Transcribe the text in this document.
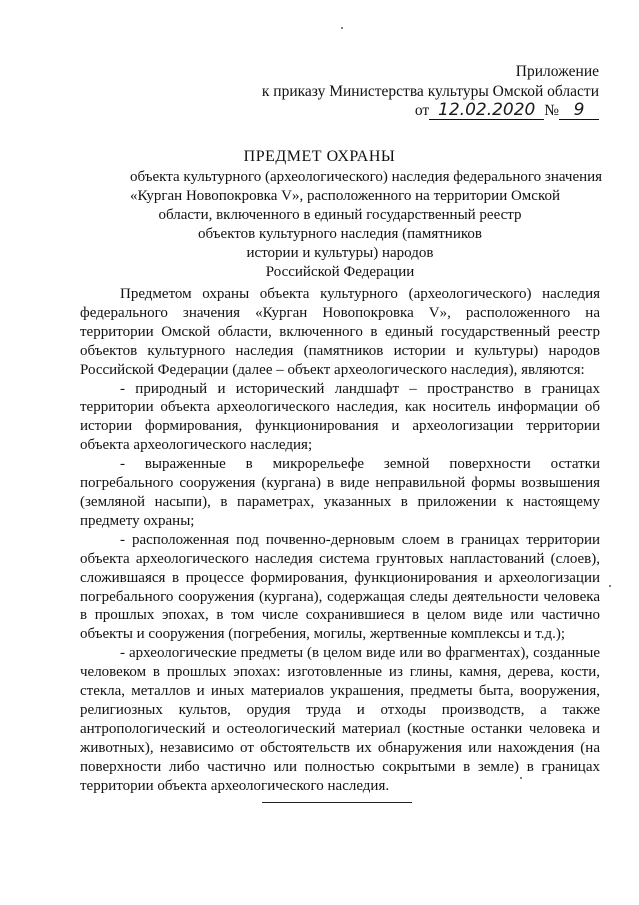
Приложение
к приказу Министерства культуры Омской области
от 12.02.2020 № 9
ПРЕДМЕТ ОХРАНЫ
объекта культурного (археологического) наследия федерального значения
«Курган Новопокровка V», расположенного на территории Омской
области, включенного в единый государственный реестр
объектов культурного наследия (памятников
истории и культуры) народов
Российской Федерации

Предметом охраны объекта культурного (археологического) наследия федерального значения «Курган Новопокровка V», расположенного на территории Омской области, включенного в единый государственный реестр объектов культурного наследия (памятников истории и культуры) народов Российской Федерации (далее – объект археологического наследия), являются:

- природный и исторический ландшафт – пространство в границах территории объекта археологического наследия, как носитель информации об истории формирования, функционирования и археологизации территории объекта археологического наследия;

- выраженные в микрорельефе земной поверхности остатки погребального сооружения (кургана) в виде неправильной формы возвышения (земляной насыпи), в параметрах, указанных в приложении к настоящему предмету охраны;

- расположенная под почвенно-дерновым слоем в границах территории объекта археологического наследия система грунтовых напластований (слоев), сложившаяся в процессе формирования, функционирования и археологизации погребального сооружения (кургана), содержащая следы деятельности человека в прошлых эпохах, в том числе сохранившиеся в целом виде или частично объекты и сооружения (погребения, могилы, жертвенные комплексы и т.д.);

- археологические предметы (в целом виде или во фрагментах), созданные человеком в прошлых эпохах: изготовленные из глины, камня, дерева, кости, стекла, металлов и иных материалов украшения, предметы быта, вооружения, религиозных культов, орудия труда и отходы производств, а также антропологический и остеологический материал (костные останки человека и животных), независимо от обстоятельств их обнаружения или нахождения (на поверхности либо частично или полностью сокрытыми в земле) в границах территории объекта археологического наследия.
